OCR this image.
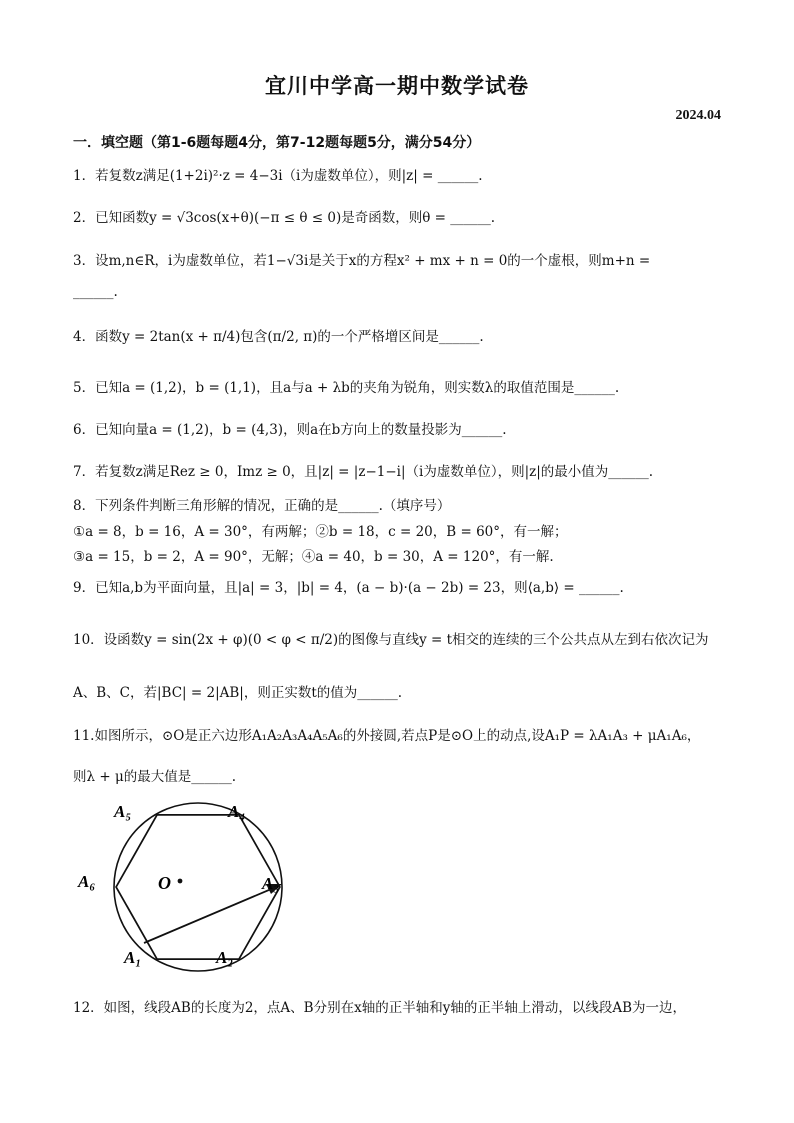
宜川中学高一期中数学试卷
2024.04
一．填空题（第1-6题每题4分，第7-12题每题5分，满分54分）
1．若复数z满足(1+2i)²·z = 4−3i（i为虚数单位），则|z| = ______.
2．已知函数y = √3cos(x+θ)(−π ≤ θ ≤ 0)是奇函数，则θ = ______.
3．设m,n∈R，i为虚数单位，若1−√3i是关于x的方程x² + mx + n = 0的一个虚根，则m+n =
______.
4．函数y = 2tan(x + π/4)包含(π/2, π)的一个严格增区间是______.
5．已知a = (1,2)，b = (1,1)，且a与a + λb的夹角为锐角，则实数λ的取值范围是______.
6．已知向量a = (1,2)，b = (4,3)，则a在b方向上的数量投影为______.
7．若复数z满足Rez ≥ 0，Imz ≥ 0，且|z| = |z−1−i|（i为虚数单位），则|z|的最小值为______.
8．下列条件判断三角形解的情况，正确的是______.（填序号）
①a = 8，b = 16，A = 30°，有两解；②b = 18，c = 20，B = 60°，有一解；
③a = 15，b = 2，A = 90°，无解；④a = 40，b = 30，A = 120°，有一解.
9．已知a,b为平面向量，且|a| = 3，|b| = 4，(a − b)·(a − 2b) = 23，则⟨a,b⟩ = ______.
10．设函数y = sin(2x + φ)(0 < φ < π/2)的图像与直线y = t相交的连续的三个公共点从左到右依次记为
A、B、C，若|BC| = 2|AB|，则正实数t的值为______.
11.如图所示，⊙O是正六边形A₁A₂A₃A₄A₅A₆的外接圆,若点P是⊙O上的动点,设A₁P = λA₁A₃ + μA₁A₆，
则λ + μ的最大值是______.
O
A₁	A₂
A₃
A₄
A₅
A₆
12．如图，线段AB的长度为2，点A、B分别在x轴的正半轴和y轴的正半轴上滑动，以线段AB为一边，
